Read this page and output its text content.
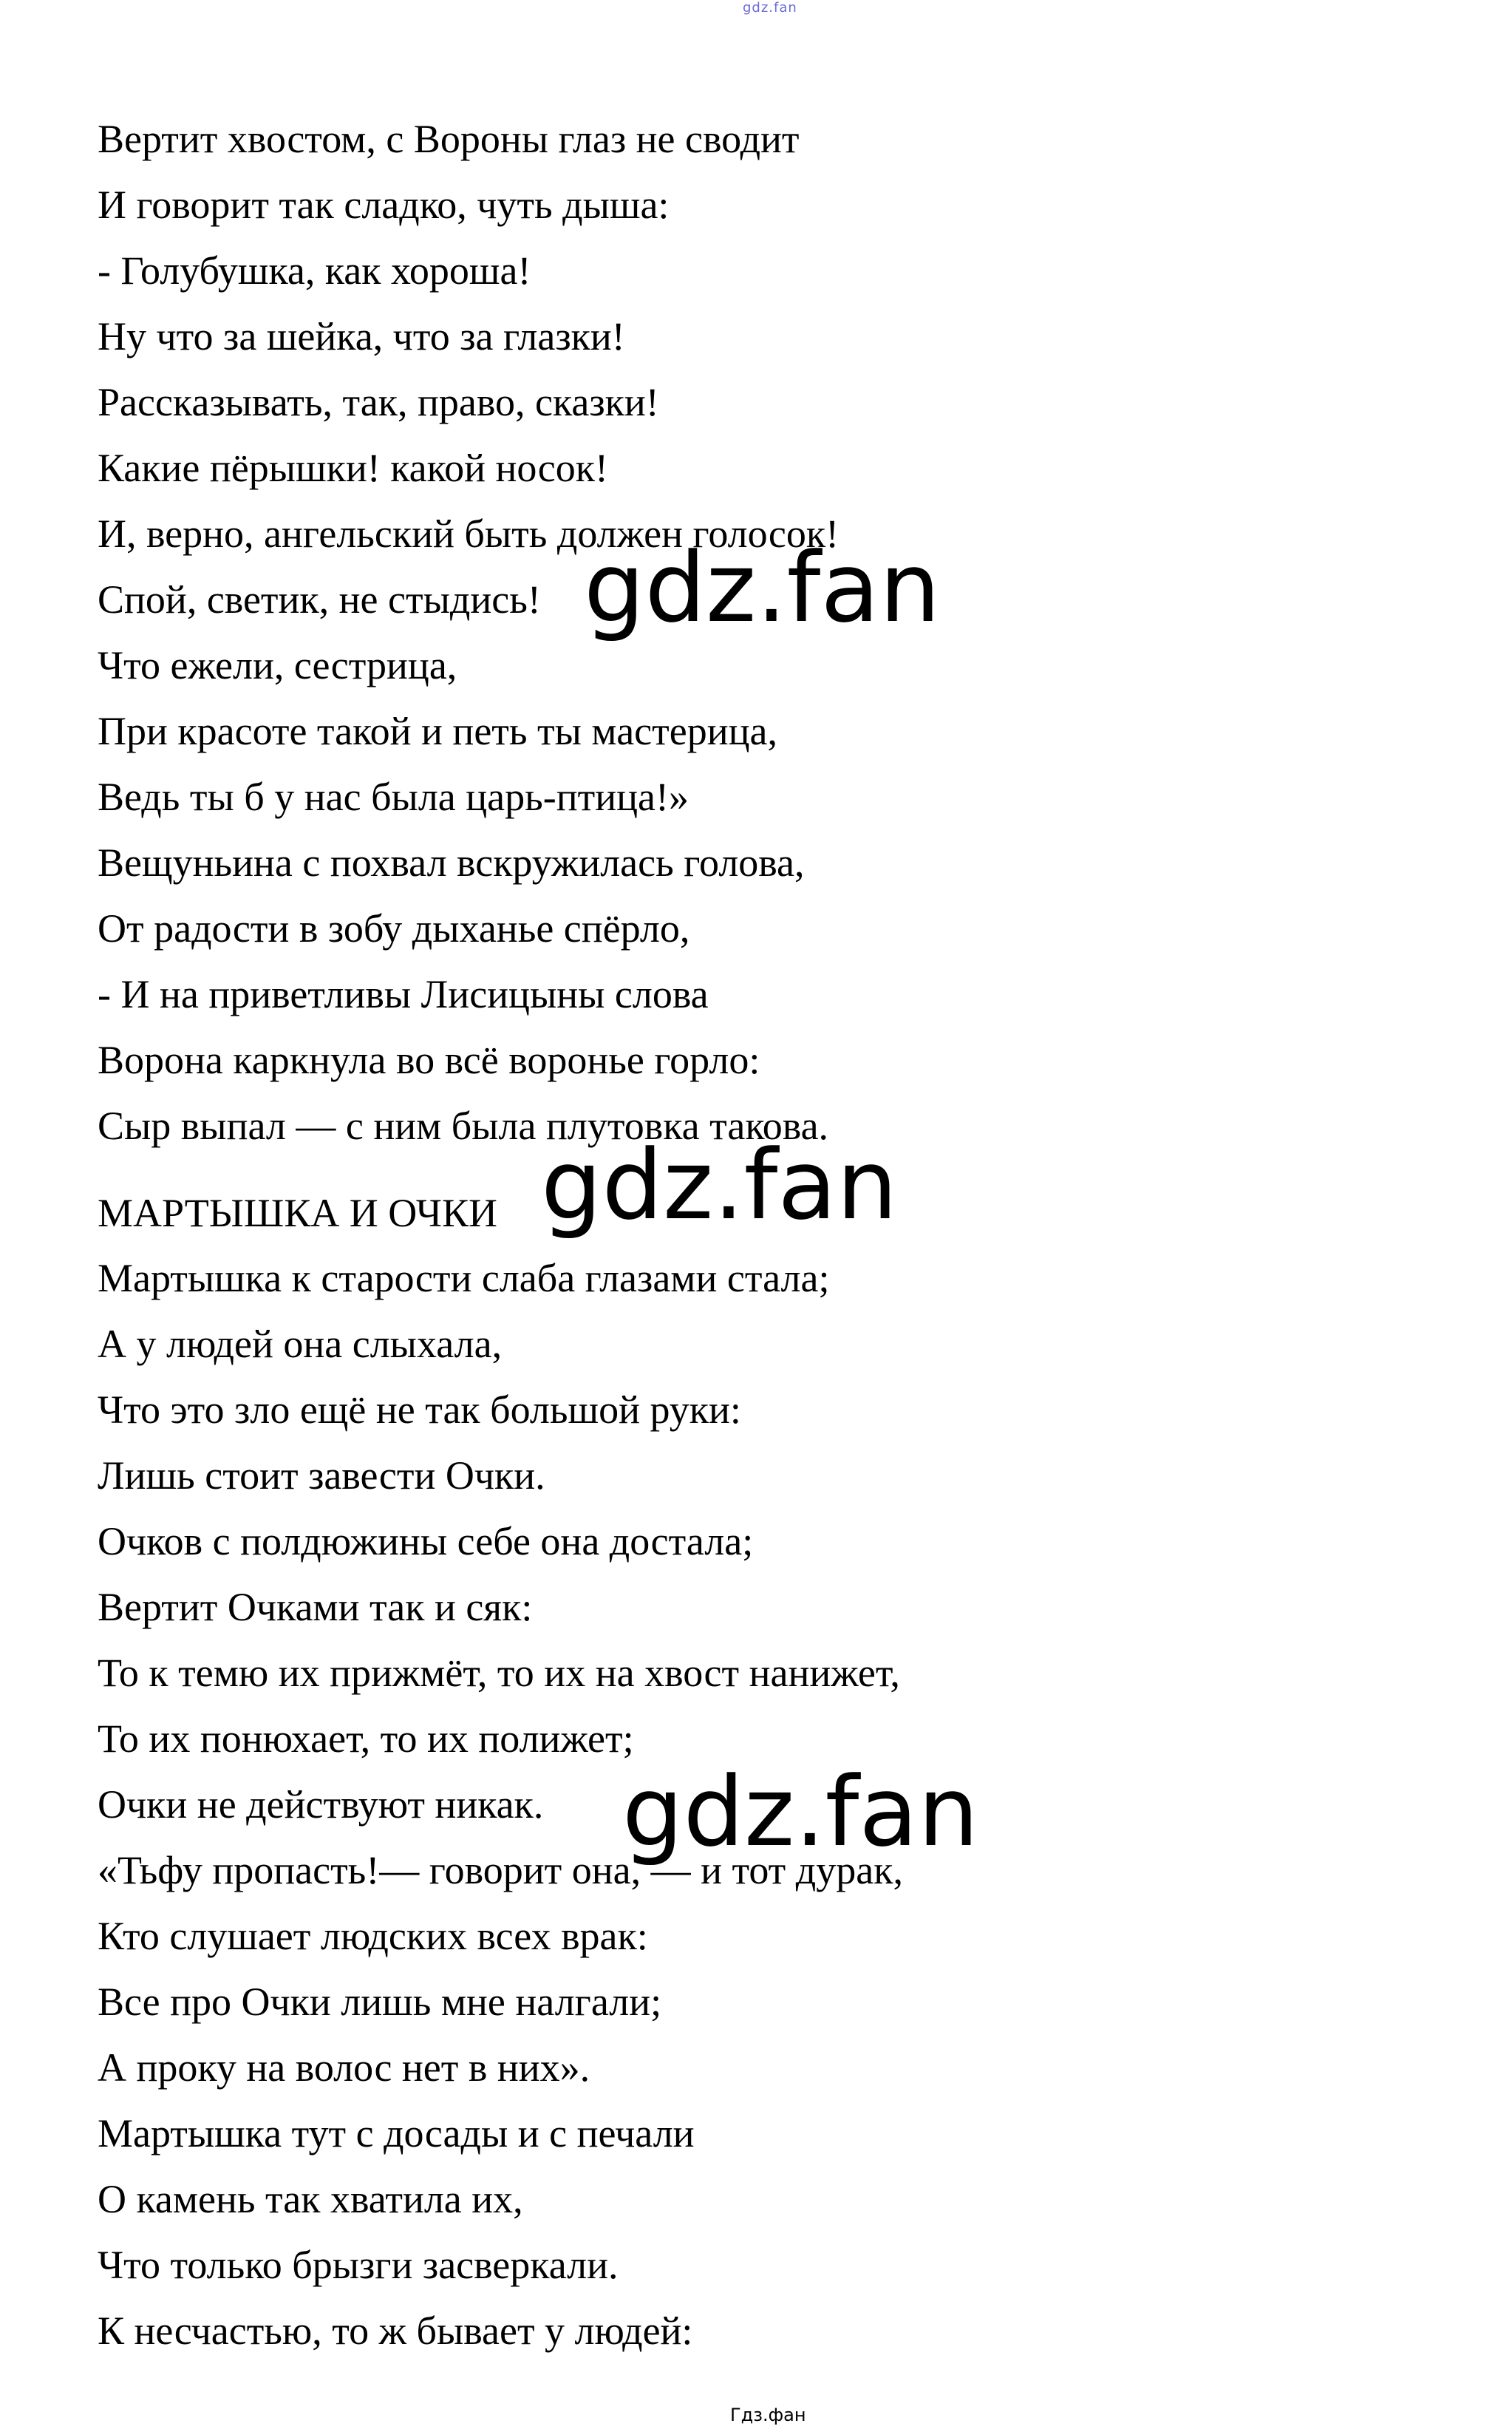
gdz.fan
Вертит хвостом, с Вороны глаз не сводит
И говорит так сладко, чуть дыша:
- Голубушка, как хороша!
Ну что за шейка, что за глазки!
Рассказывать, так, право, сказки!
Какие пёрышки! какой носок!
И, верно, ангельский быть должен голосок!
Спой, светик, не стыдись!
Что ежели, сестрица,
При красоте такой и петь ты мастерица,
Ведь ты б у нас была царь-птица!»
Вещуньина с похвал вскружилась голова,
От радости в зобу дыханье спёрло,
- И на приветливы Лисицыны слова
Ворона каркнула во всё воронье горло:
Сыр выпал — с ним была плутовка такова.
МАРТЫШКА И ОЧКИ
Мартышка к старости слаба глазами стала;
А у людей она слыхала,
Что это зло ещё не так большой руки:
Лишь стоит завести Очки.
Очков с полдюжины себе она достала;
Вертит Очками так и сяк:
То к темю их прижмёт, то их на хвост нанижет,
То их понюхает, то их полижет;
Очки не действуют никак.
«Тьфу пропасть!— говорит она, — и тот дурак,
Кто слушает людских всех врак:
Все про Очки лишь мне налгали;
А проку на волос нет в них».
Мартышка тут с досады и с печали
О камень так хватила их,
Что только брызги засверкали.
К несчастью, то ж бывает у людей:
gdz.fan
gdz.fan
gdz.fan
Гдз.фан
